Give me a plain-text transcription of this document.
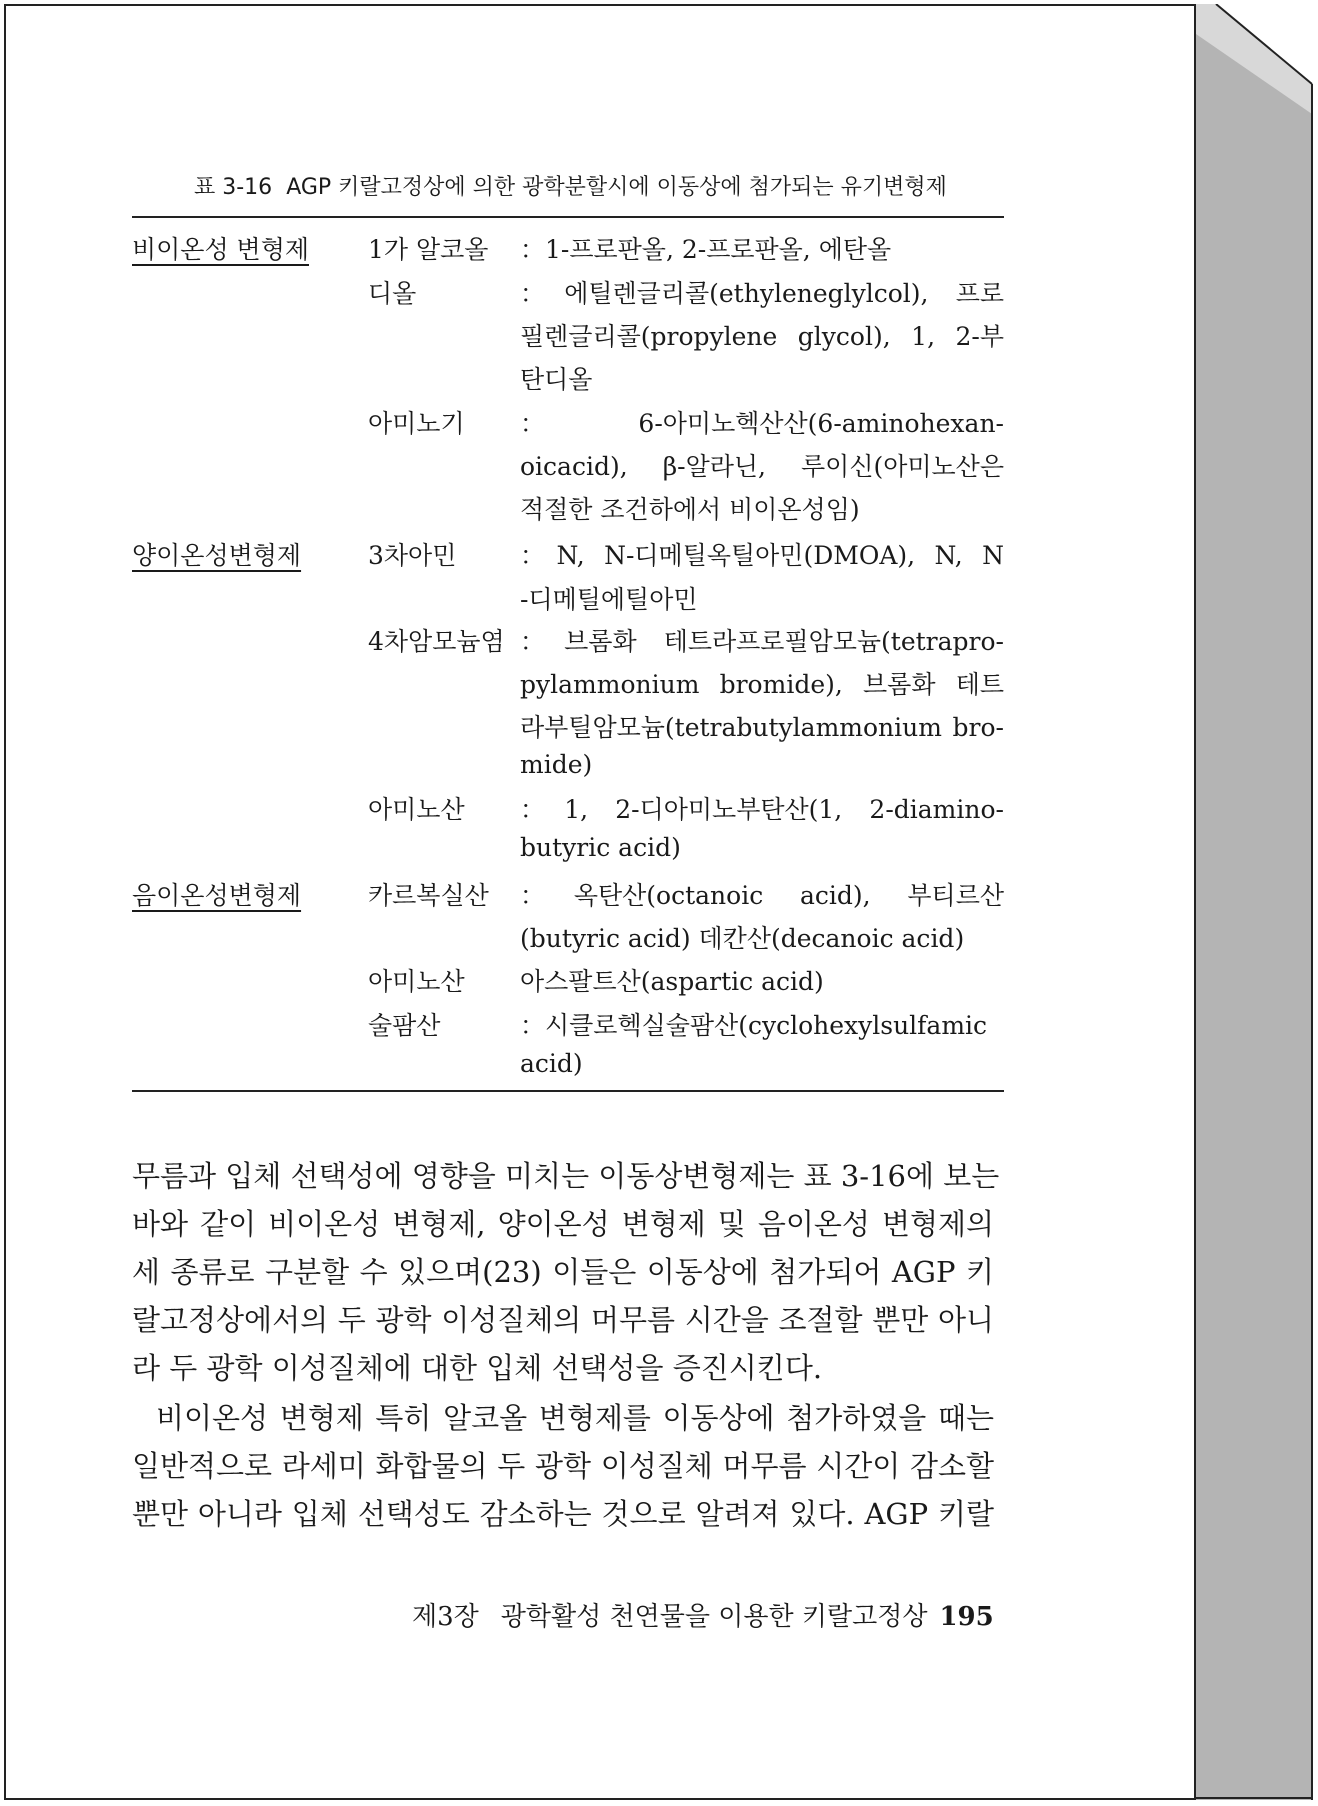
표 3-16 AGP 키랄고정상에 의한 광학분할시에 이동상에 첨가되는 유기변형제
비이온성 변형제
양이온성변형제
음이온성변형제
1가 알코올
디올
아미노기
3차아민
4차암모늄염
아미노산
카르복실산
아미노산
술팜산
：1-프로판올, 2-프로판올, 에탄올
：에틸렌글리콜(ethyleneglylcol), 프로
필렌글리콜(propylene glycol), 1, 2-부
탄디올
：6-아미노헥산산(6-aminohexan-
oicacid), β-알라닌, 루이신(아미노산은
적절한 조건하에서 비이온성임)
：N, N-디메틸옥틸아민(DMOA), N, N
-디메틸에틸아민
：브롬화 테트라프로필암모늄(tetrapro-
pylammonium bromide), 브롬화 테트
라부틸암모늄(tetrabutylammonium bro-
mide)
：1, 2-디아미노부탄산(1, 2-diamino-
butyric acid)
：옥탄산(octanoic acid), 부티르산
(butyric acid) 데칸산(decanoic acid)
아스팔트산(aspartic acid)
：시클로헥실술팜산(cyclohexylsulfamic
acid)
무름과 입체 선택성에 영향을 미치는 이동상변형제는 표 3-16에 보는
바와 같이 비이온성 변형제, 양이온성 변형제 및 음이온성 변형제의
세 종류로 구분할 수 있으며(23) 이들은 이동상에 첨가되어 AGP 키
랄고정상에서의 두 광학 이성질체의 머무름 시간을 조절할 뿐만 아니
라 두 광학 이성질체에 대한 입체 선택성을 증진시킨다.
비이온성 변형제 특히 알코올 변형제를 이동상에 첨가하였을 때는
일반적으로 라세미 화합물의 두 광학 이성질체 머무름 시간이 감소할
뿐만 아니라 입체 선택성도 감소하는 것으로 알려져 있다. AGP 키랄
제3장 광학활성 천연물을 이용한 키랄고정상 195
